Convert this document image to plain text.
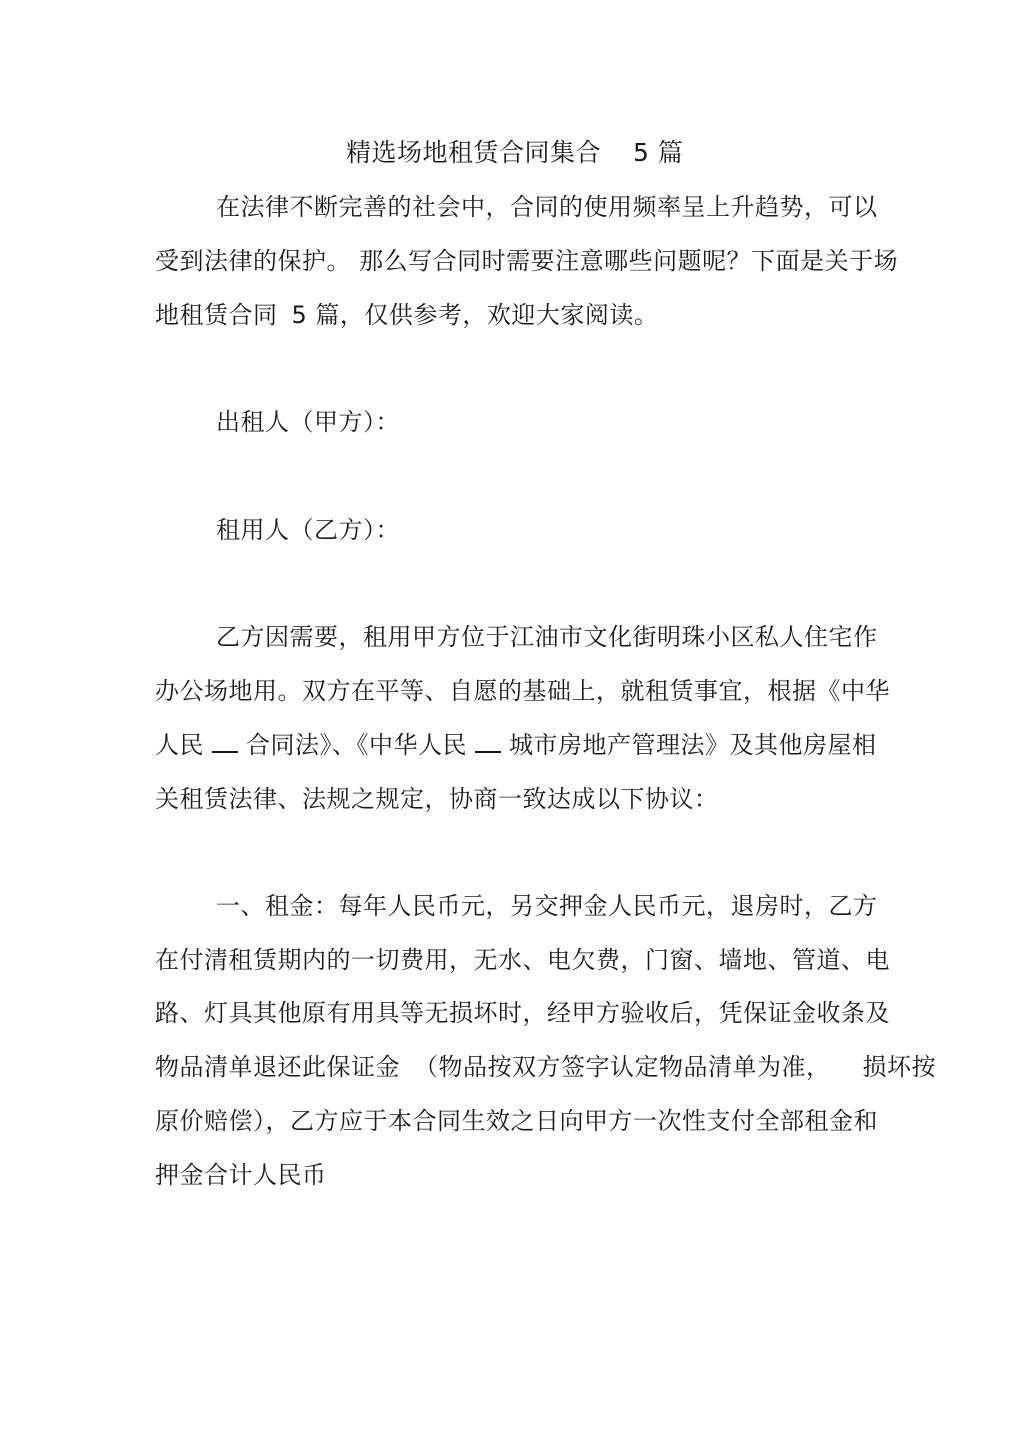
精选场地租赁合同集合 5 篇
在法律不断完善的社会中，合同的使用频率呈上升趋势，可以
受到法律的保护。 那么写合同时需要注意哪些问题呢？下面是关于场
地租赁合同 5 篇，仅供参考，欢迎大家阅读。
出租人（甲方）：
租用人（乙方）：
乙方因需要，租用甲方位于江油市文化街明珠小区私人住宅作
办公场地用。双方在平等、自愿的基础上，就租赁事宜，根据《中华
人民 合同法》、《中华人民 城市房地产管理法》及其他房屋相
关租赁法律、法规之规定，协商一致达成以下协议：
一、租金：每年人民币元，另交押金人民币元，退房时，乙方
在付清租赁期内的一切费用，无水、电欠费，门窗、墙地、管道、电
路、灯具其他原有用具等无损坏时，经甲方验收后，凭保证金收条及
物品清单退还此保证金 （物品按双方签字认定物品清单为准， 损坏按
原价赔偿），乙方应于本合同生效之日向甲方一次性支付全部租金和
押金合计人民币
